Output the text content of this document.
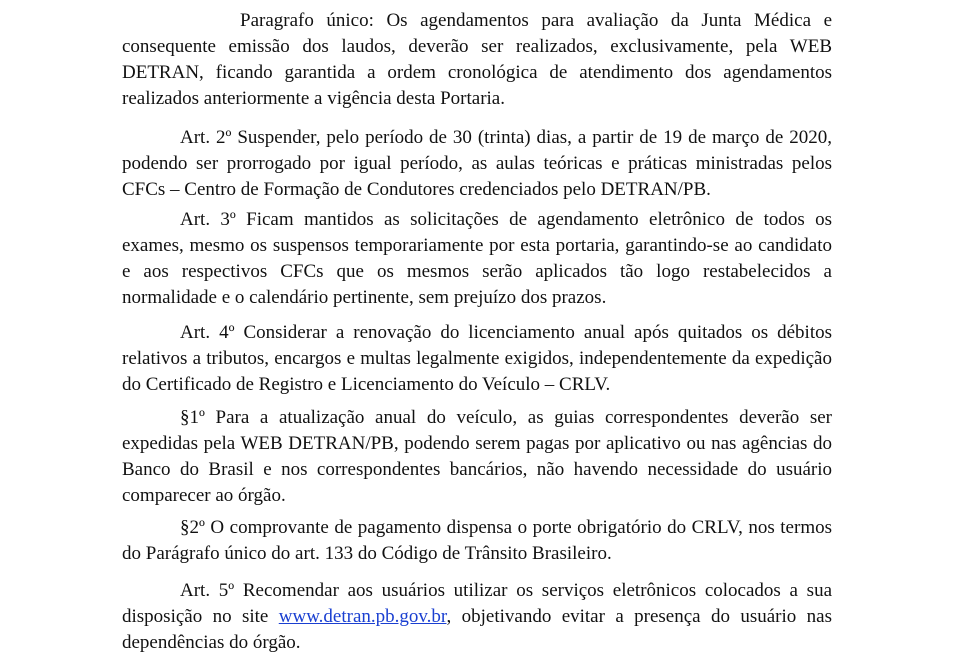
Paragrafo único: Os agendamentos para avaliação da Junta Médica e consequente emissão dos laudos, deverão ser realizados, exclusivamente, pela WEB DETRAN, ficando garantida a ordem cronológica de atendimento dos agendamentos realizados anteriormente a vigência desta Portaria.

Art. 2º Suspender, pelo período de 30 (trinta) dias, a partir de 19 de março de 2020, podendo ser prorrogado por igual período, as aulas teóricas e práticas ministradas pelos CFCs – Centro de Formação de Condutores credenciados pelo DETRAN/PB.

Art. 3º Ficam mantidos as solicitações de agendamento eletrônico de todos os exames, mesmo os suspensos temporariamente por esta portaria, garantindo-se ao candidato e aos respectivos CFCs que os mesmos serão aplicados tão logo restabelecidos a normalidade e o calendário pertinente, sem prejuízo dos prazos.

Art. 4º Considerar a renovação do licenciamento anual após quitados os débitos relativos a tributos, encargos e multas legalmente exigidos, independentemente da expedição do Certificado de Registro e Licenciamento do Veículo – CRLV.

§1º Para a atualização anual do veículo, as guias correspondentes deverão ser expedidas pela WEB DETRAN/PB, podendo serem pagas por aplicativo ou nas agências do Banco do Brasil e nos correspondentes bancários, não havendo necessidade do usuário comparecer ao órgão.

§2º O comprovante de pagamento dispensa o porte obrigatório do CRLV, nos termos do Parágrafo único do art. 133 do Código de Trânsito Brasileiro.

Art. 5º Recomendar aos usuários utilizar os serviços eletrônicos colocados a sua disposição no site www.detran.pb.gov.br, objetivando evitar a presença do usuário nas dependências do órgão.
